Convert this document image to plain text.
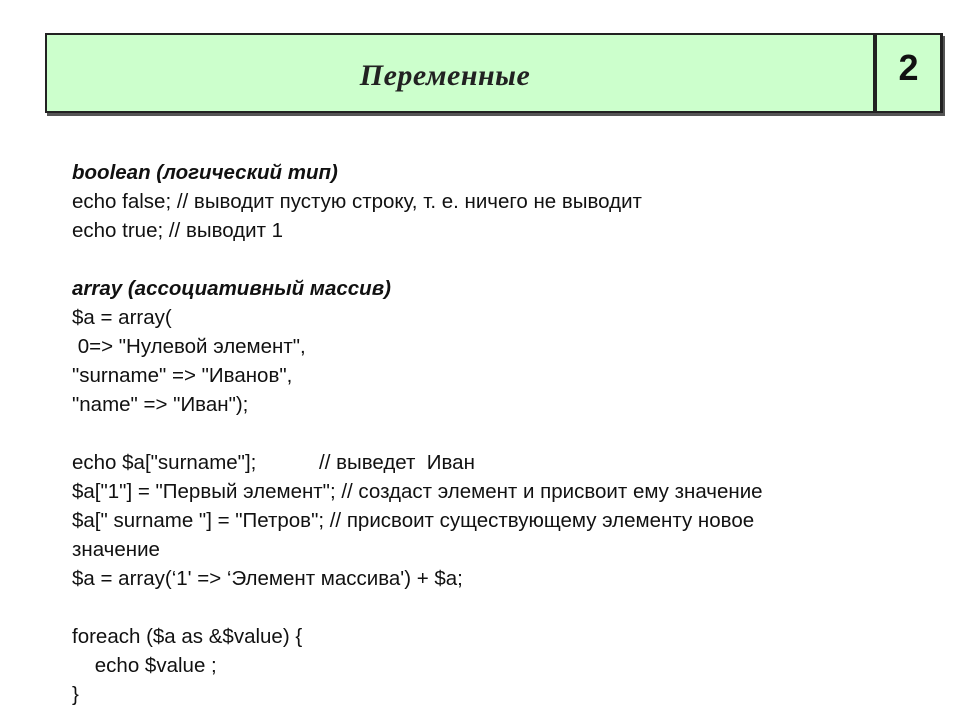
Переменные	2
boolean (логический тип)
echo false; // выводит пустую строку, т. е. ничего не выводит
echo true; // выводит 1
array (ассоциативный массив)
$a = array(
0=> "Нулевой элемент",
"surname" => "Иванов",
"name" => "Иван");
echo $a["surname"];           // выведет  Иван
$a["1"] = "Первый элемент"; // создаст элемент и присвоит ему значение
$a[" surname "] = "Петров"; // присвоит существующему элементу новое
значение
$a = array(‘1' => ‘Элемент массива') + $a;
foreach ($a as &$value) {
echo $value ;
}
